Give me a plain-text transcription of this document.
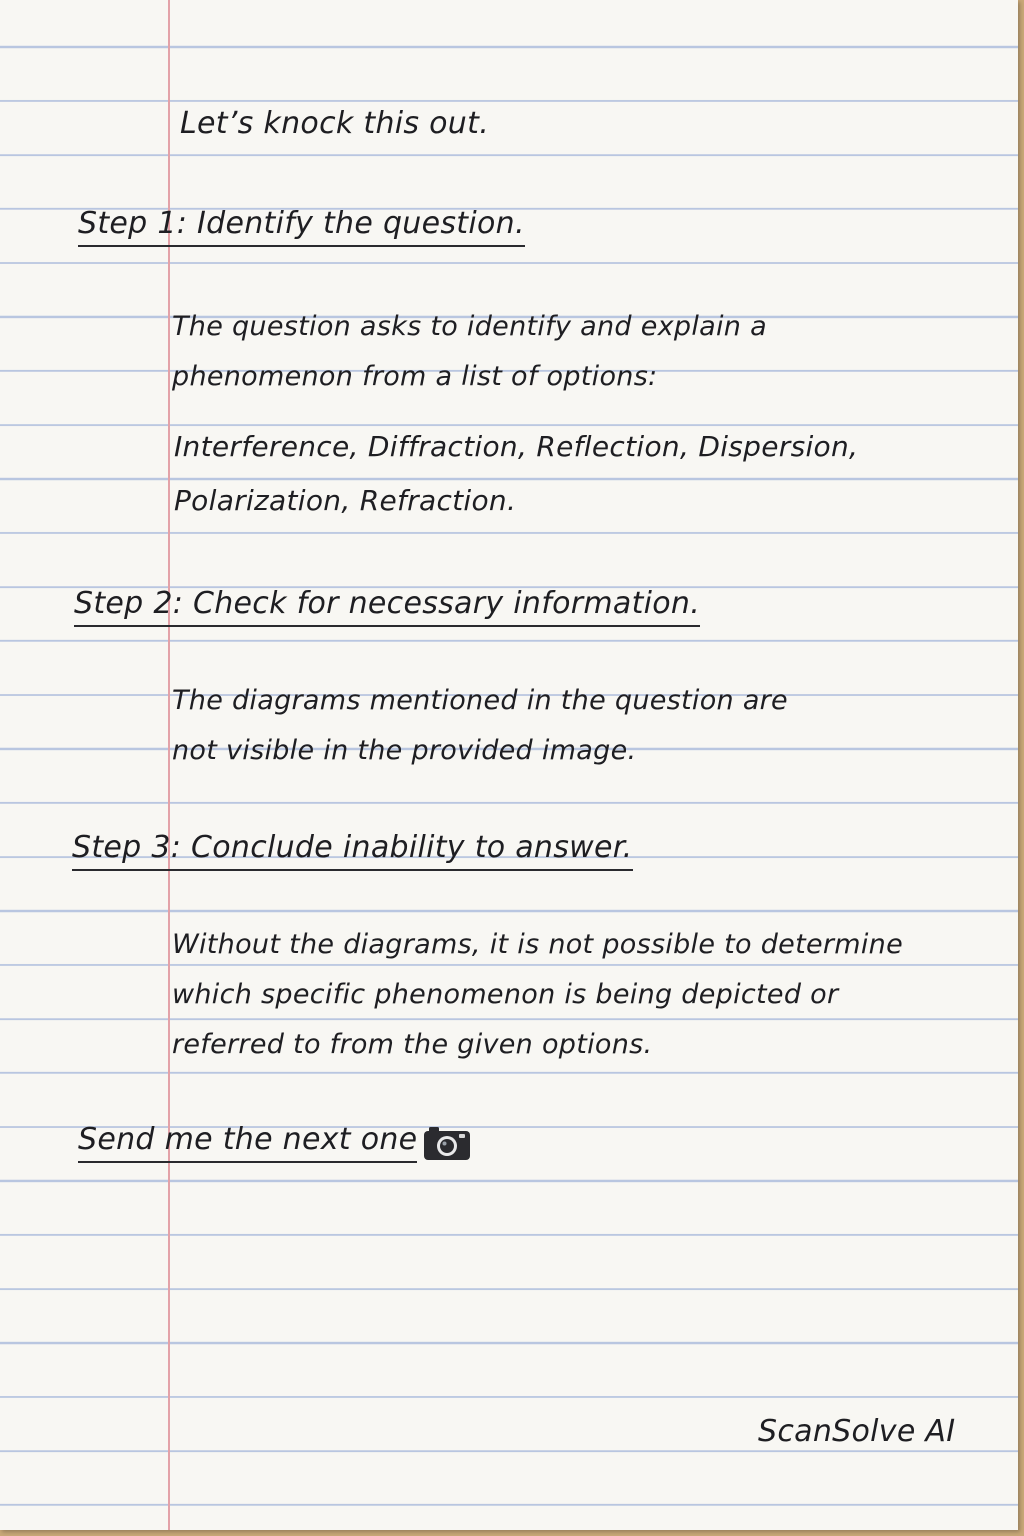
Let’s knock this out.
Step 1: Identify the question.
The question asks to identify and explain a
phenomenon from a list of options:
Interference, Diffraction, Reflection, Dispersion,
Polarization, Refraction.
Step 2: Check for necessary information.
The diagrams mentioned in the question are
not visible in the provided image.
Step 3: Conclude inability to answer.
Without the diagrams, it is not possible to determine
which specific phenomenon is being depicted or
referred to from the given options.
Send me the next one
ScanSolve AI
